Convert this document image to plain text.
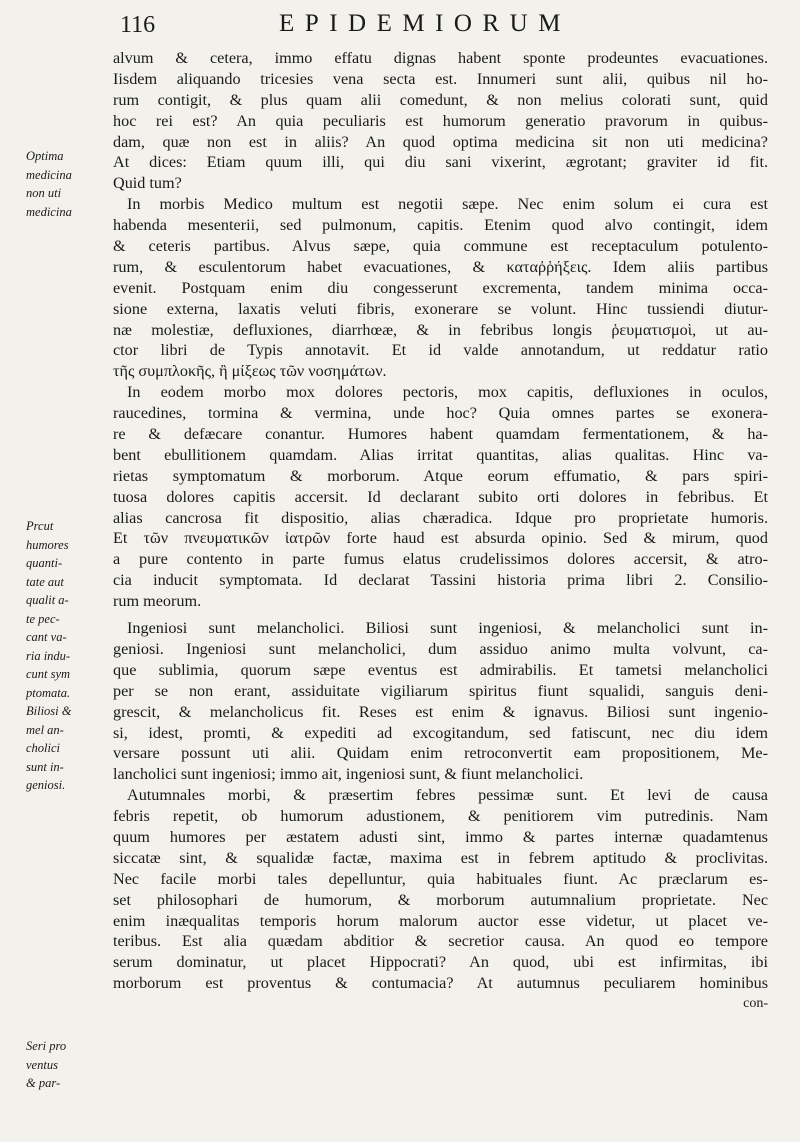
116	EPIDEMIORUM
Optima
medicina
non uti
medicina
Prcut
humores
quanti-
tate aut
qualit a-
te pec-
cant va-
ria indu-
cunt sym
ptomata.
Biliosi &
mel an-
cholici
sunt in-
geniosi.
Seri pro
ventus
& par-
alvum & cetera, immo effatu dignas habent sponte prodeuntes evacuationes.
Iisdem aliquando tricesies vena secta est. Innumeri sunt alii, quibus nil ho-
rum contigit, & plus quam alii comedunt, & non melius colorati sunt, quid
hoc rei est? An quia peculiaris est humorum generatio pravorum in quibus-
dam, quæ non est in aliis? An quod optima medicina sit non uti medicina?
At dices: Etiam quum illi, qui diu sani vixerint, ægrotant; graviter id fit.
Quid tum?
In morbis Medico multum est negotii sæpe. Nec enim solum ei cura est
habenda mesenterii, sed pulmonum, capitis. Etenim quod alvo contingit, idem
& ceteris partibus. Alvus sæpe, quia commune est receptaculum potulento-
rum, & esculentorum habet evacuationes, & καταῤῥήξεις. Idem aliis partibus
evenit. Postquam enim diu congesserunt excrementa, tandem minima occa-
sione externa, laxatis veluti fibris, exonerare se volunt. Hinc tussiendi diutur-
næ molestiæ, defluxiones, diarrhœæ, & in febribus longis ῥευματισμοὶ, ut au-
ctor libri de Typis annotavit. Et id valde annotandum, ut reddatur ratio
τῆς συμπλοκῆς, ἢ μίξεως τῶν νοσημάτων.
In eodem morbo mox dolores pectoris, mox capitis, defluxiones in oculos,
raucedines, tormina & vermina, unde hoc? Quia omnes partes se exonera-
re & defæcare conantur. Humores habent quamdam fermentationem, & ha-
bent ebullitionem quamdam. Alias irritat quantitas, alias qualitas. Hinc va-
rietas symptomatum & morborum. Atque eorum effumatio, & pars spiri-
tuosa dolores capitis accersit. Id declarant subito orti dolores in febribus. Et
alias cancrosa fit dispositio, alias chæradica. Idque pro proprietate humoris.
Et τῶν πνευματικῶν ἰατρῶν forte haud est absurda opinio. Sed & mirum, quod
a pure contento in parte fumus elatus crudelissimos dolores accersit, & atro-
cia inducit symptomata. Id declarat Tassini historia prima libri 2. Consilio-
rum meorum.
Ingeniosi sunt melancholici. Biliosi sunt ingeniosi, & melancholici sunt in-
geniosi. Ingeniosi sunt melancholici, dum assiduo animo multa volvunt, ca-
que sublimia, quorum sæpe eventus est admirabilis. Et tametsi melancholici
per se non erant, assiduitate vigiliarum spiritus fiunt squalidi, sanguis deni-
grescit, & melancholicus fit. Reses est enim & ignavus. Biliosi sunt ingenio-
si, idest, promti, & expediti ad excogitandum, sed fatiscunt, nec diu idem
versare possunt uti alii. Quidam enim retroconvertit eam propositionem, Me-
lancholici sunt ingeniosi; immo ait, ingeniosi sunt, & fiunt melancholici.
Autumnales morbi, & præsertim febres pessimæ sunt. Et levi de causa
febris repetit, ob humorum adustionem, & penitiorem vim putredinis. Nam
quum humores per æstatem adusti sint, immo & partes internæ quadamtenus
siccatæ sint, & squalidæ factæ, maxima est in febrem aptitudo & proclivitas.
Nec facile morbi tales depelluntur, quia habituales fiunt. Ac præclarum es-
set philosophari de humorum, & morborum autumnalium proprietate. Nec
enim inæqualitas temporis horum malorum auctor esse videtur, ut placet ve-
teribus. Est alia quædam abditior & secretior causa. An quod eo tempore
serum dominatur, ut placet Hippocrati? An quod, ubi est infirmitas, ibi
morborum est proventus & contumacia? At autumnus peculiarem hominibus
con-
